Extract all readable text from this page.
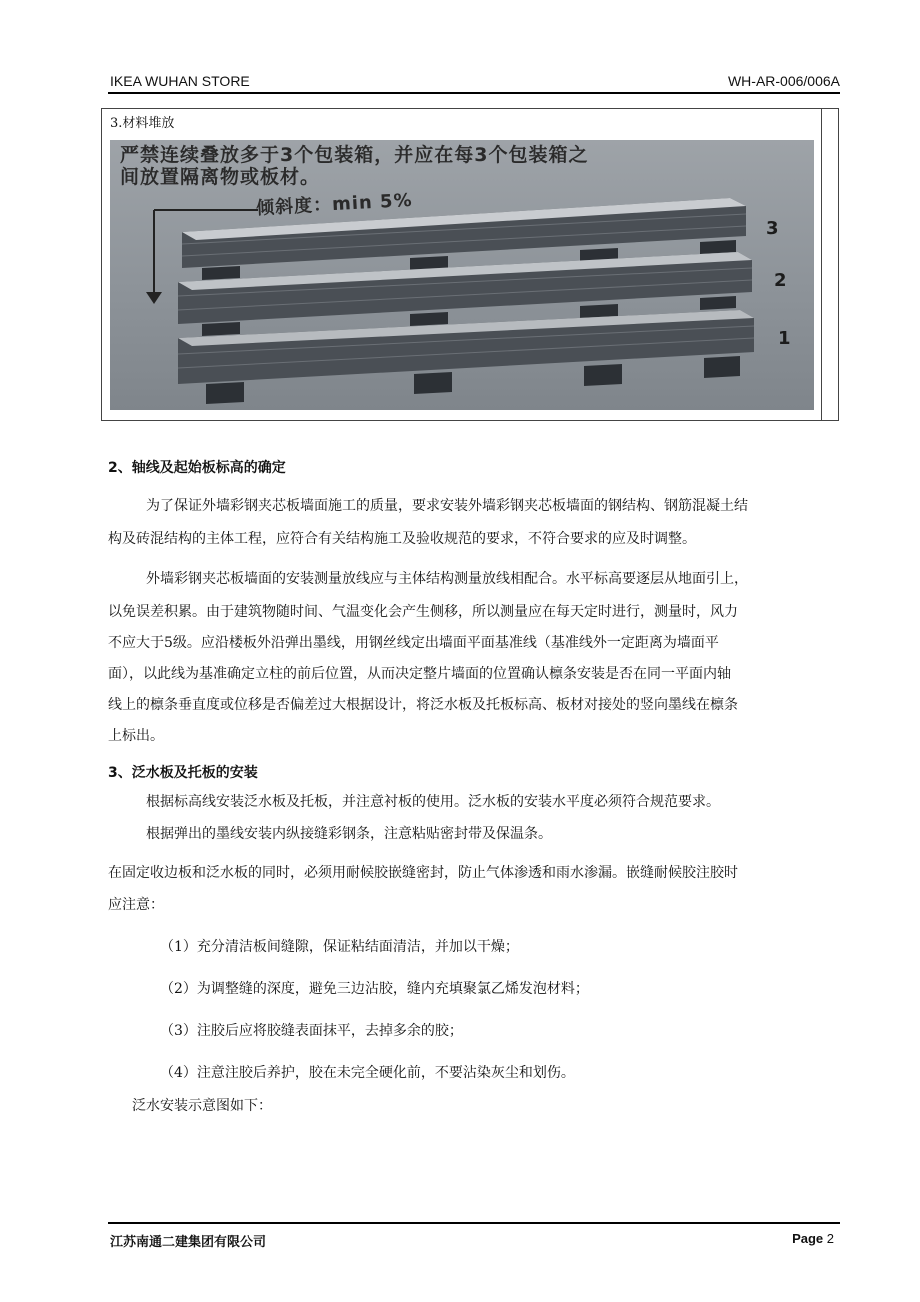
IKEA WUHAN STORE	WH-AR-006/006A
3.材料堆放
严禁连续叠放多于3个包装箱，并应在每3个包装箱之
间放置隔离物或板材。
倾斜度：min 5%
3
2
1
2、轴线及起始板标高的确定
为了保证外墙彩钢夹芯板墙面施工的质量，要求安装外墙彩钢夹芯板墙面的钢结构、钢筋混凝土结
构及砖混结构的主体工程，应符合有关结构施工及验收规范的要求，不符合要求的应及时调整。
外墙彩钢夹芯板墙面的安装测量放线应与主体结构测量放线相配合。水平标高要逐层从地面引上，
以免误差积累。由于建筑物随时间、气温变化会产生侧移，所以测量应在每天定时进行，测量时，风力
不应大于5级。应沿楼板外沿弹出墨线，用钢丝线定出墙面平面基准线（基准线外一定距离为墙面平
面），以此线为基准确定立柱的前后位置，从而决定整片墙面的位置确认檩条安装是否在同一平面内轴
线上的檩条垂直度或位移是否偏差过大根据设计，将泛水板及托板标高、板材对接处的竖向墨线在檩条
上标出。
3、泛水板及托板的安装
根据标高线安装泛水板及托板，并注意衬板的使用。泛水板的安装水平度必须符合规范要求。
根据弹出的墨线安装内纵接缝彩钢条，注意粘贴密封带及保温条。
在固定收边板和泛水板的同时，必须用耐候胶嵌缝密封，防止气体渗透和雨水渗漏。嵌缝耐候胶注胶时
应注意：
（1）充分清洁板间缝隙，保证粘结面清洁，并加以干燥；
（2）为调整缝的深度，避免三边沾胶，缝内充填聚氯乙烯发泡材料；
（3）注胶后应将胶缝表面抹平，去掉多余的胶；
（4）注意注胶后养护，胶在未完全硬化前，不要沾染灰尘和划伤。
泛水安装示意图如下：
江苏南通二建集团有限公司	Page 2
